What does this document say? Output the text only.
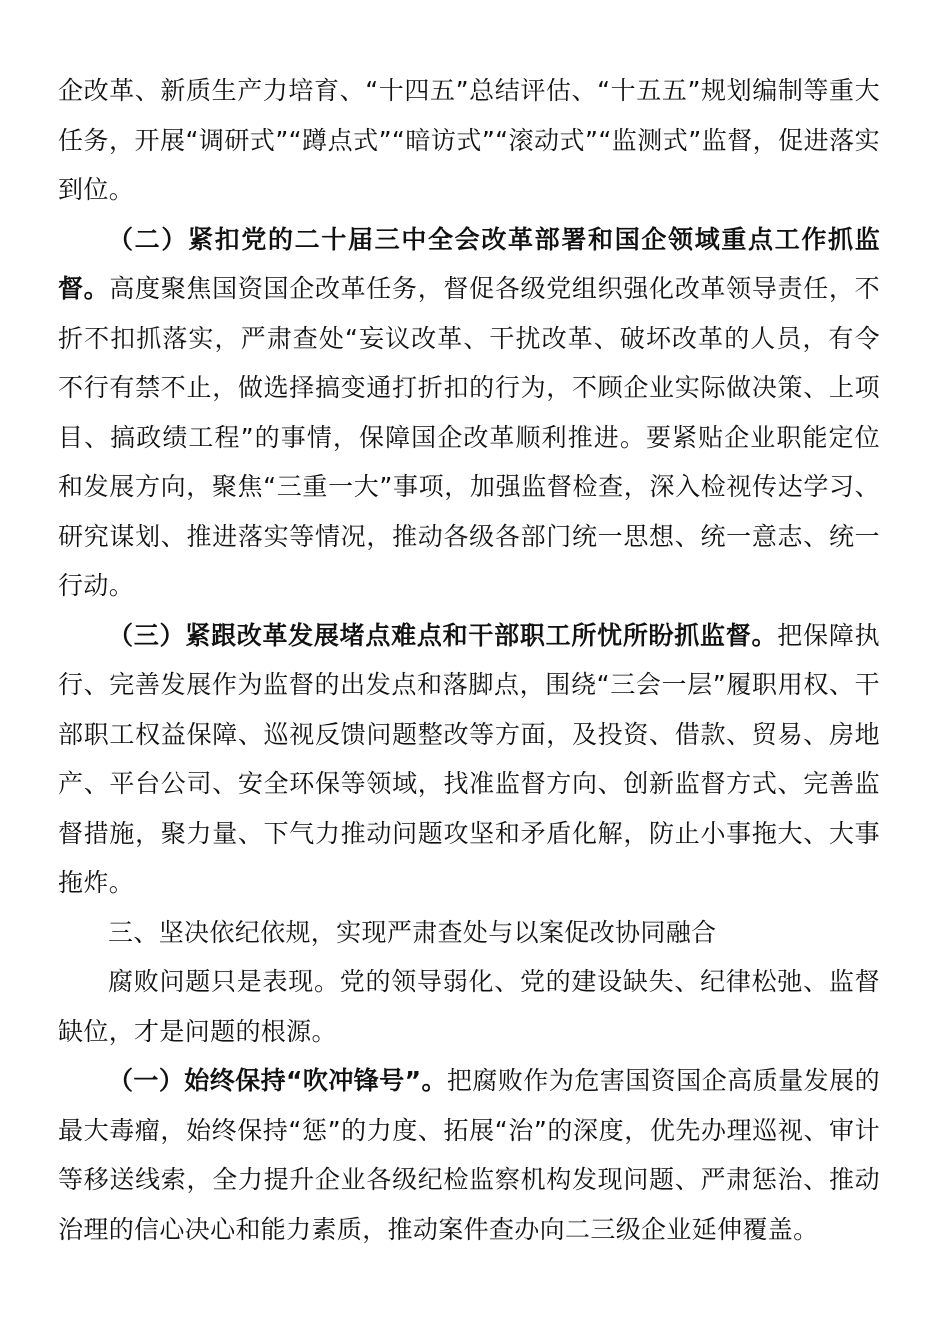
企改革、新质生产力培育、“十四五”总结评估、“十五五”规划编制等重大任务，开展“调研式”“蹲点式”“暗访式”“滚动式”“监测式”监督，促进落实到位。

（二）紧扣党的二十届三中全会改革部署和国企领域重点工作抓监督。高度聚焦国资国企改革任务，督促各级党组织强化改革领导责任，不折不扣抓落实，严肃查处“妄议改革、干扰改革、破坏改革的人员，有令不行有禁不止，做选择搞变通打折扣的行为，不顾企业实际做决策、上项目、搞政绩工程”的事情，保障国企改革顺利推进。要紧贴企业职能定位和发展方向，聚焦“三重一大”事项，加强监督检查，深入检视传达学习、研究谋划、推进落实等情况，推动各级各部门统一思想、统一意志、统一行动。

（三）紧跟改革发展堵点难点和干部职工所忧所盼抓监督。把保障执行、完善发展作为监督的出发点和落脚点，围绕“三会一层”履职用权、干部职工权益保障、巡视反馈问题整改等方面，及投资、借款、贸易、房地产、平台公司、安全环保等领域，找准监督方向、创新监督方式、完善监督措施，聚力量、下气力推动问题攻坚和矛盾化解，防止小事拖大、大事拖炸。

三、坚决依纪依规，实现严肃查处与以案促改协同融合

腐败问题只是表现。党的领导弱化、党的建设缺失、纪律松弛、监督缺位，才是问题的根源。

（一）始终保持“吹冲锋号”。把腐败作为危害国资国企高质量发展的最大毒瘤，始终保持“惩”的力度、拓展“治”的深度，优先办理巡视、审计等移送线索，全力提升企业各级纪检监察机构发现问题、严肃惩治、推动治理的信心决心和能力素质，推动案件查办向二三级企业延伸覆盖。
